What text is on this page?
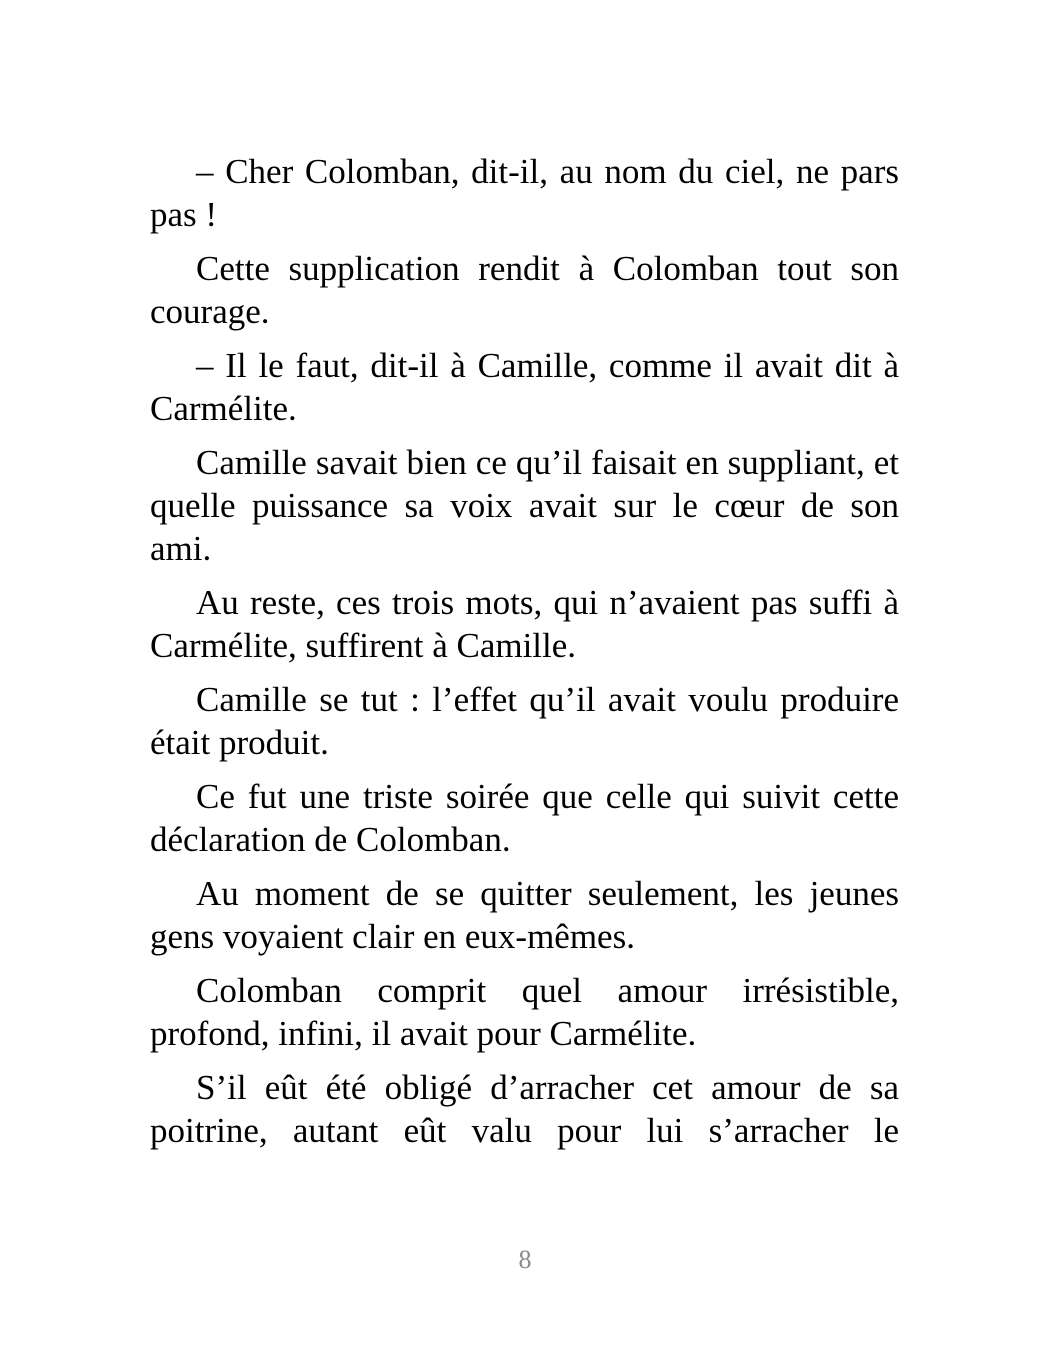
– Cher Colomban, dit-il, au nom du ciel, ne pars pas !

Cette supplication rendit à Colomban tout son courage.

– Il le faut, dit-il à Camille, comme il avait dit à Carmélite.

Camille savait bien ce qu’il faisait en suppliant, et quelle puissance sa voix avait sur le cœur de son ami.

Au reste, ces trois mots, qui n’avaient pas suffi à Carmélite, suffirent à Camille.

Camille se tut : l’effet qu’il avait voulu produire était produit.

Ce fut une triste soirée que celle qui suivit cette déclaration de Colomban.

Au moment de se quitter seulement, les jeunes gens voyaient clair en eux-mêmes.

Colomban comprit quel amour irrésistible, profond, infini, il avait pour Carmélite.

S’il eût été obligé d’arracher cet amour de sa poitrine, autant eût valu pour lui s’arracher le

8
